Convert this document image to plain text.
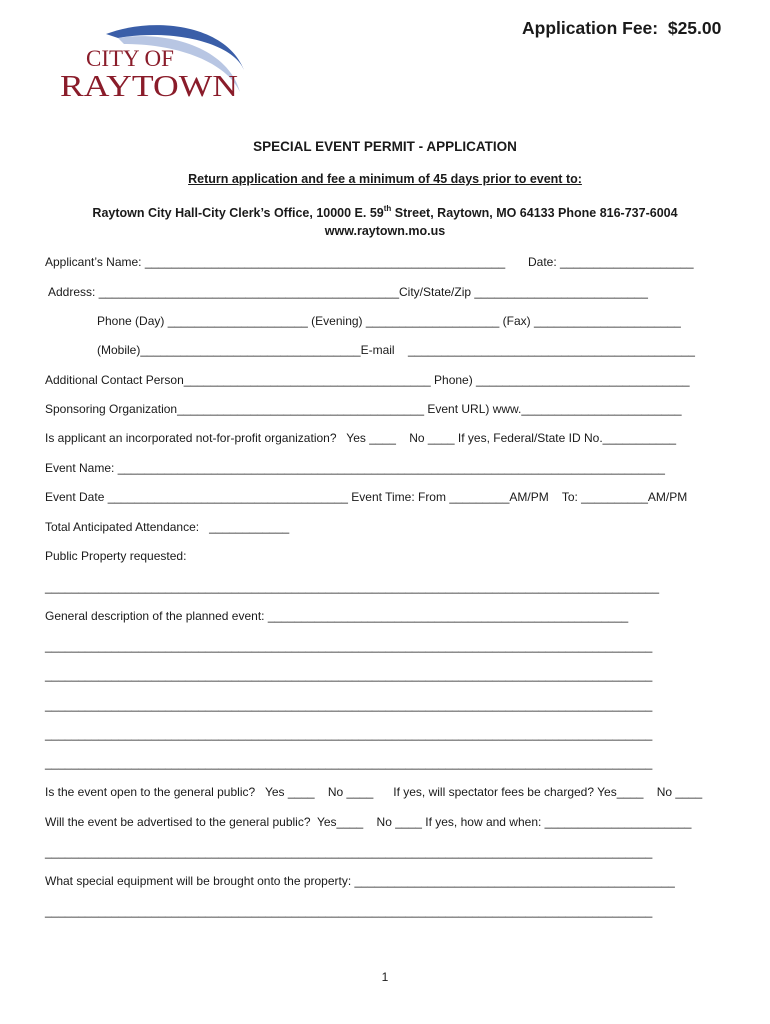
Application Fee:  $25.00
CITY OF
RAYTOWN
SPECIAL EVENT PERMIT - APPLICATION
Return application and fee a minimum of 45 days prior to event to:
Raytown City Hall-City Clerk’s Office, 10000 E. 59th Street, Raytown, MO 64133 Phone 816-737-6004
www.raytown.mo.us
Applicant’s Name: ______________________________________________________ Date: ____________________
Address: _____________________________________________City/State/Zip __________________________
Phone (Day) _____________________ (Evening) ____________________ (Fax) ______________________
(Mobile)_________________________________E-mail ___________________________________________
Additional Contact Person_____________________________________ Phone) ________________________________
Sponsoring Organization_____________________________________ Event URL) www.________________________
Is applicant an incorporated not-for-profit organization?   Yes ____    No ____ If yes, Federal/State ID No.___________
Event Name: __________________________________________________________________________________
Event Date ____________________________________ Event Time: From _________AM/PM    To: __________AM/PM
Total Anticipated Attendance:   ____________
Public Property requested:
____________________________________________________________________________________________
General description of the planned event: ______________________________________________________
___________________________________________________________________________________________
___________________________________________________________________________________________
___________________________________________________________________________________________
___________________________________________________________________________________________
___________________________________________________________________________________________
Is the event open to the general public?   Yes ____    No ____      If yes, will spectator fees be charged? Yes____    No ____
Will the event be advertised to the general public?  Yes____    No ____ If yes, how and when: ______________________
___________________________________________________________________________________________
What special equipment will be brought onto the property: ________________________________________________
___________________________________________________________________________________________
1
